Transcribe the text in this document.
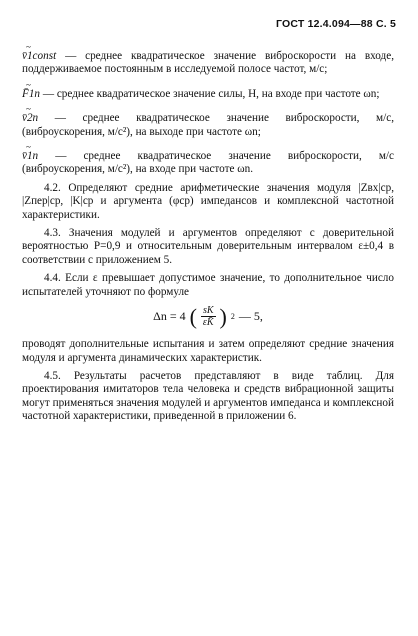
ГОСТ 12.4.094—88 С. 5
~
v̄1const — среднее квадратическое значение виброскорости на входе, поддерживаемое постоянным в исследуемой полосе частот, м/с;
~
F̄1n — среднее квадратическое значение силы, Н, на входе при частоте ωn;
~
v̄2n — среднее квадратическое значение виброскорости, м/с, (виброускорения, м/с²), на выходе при частоте ωn;
~
v̄1n — среднее квадратическое значение виброскорости, м/с (виброускорения, м/с²), на входе при частоте ωn.

4.2. Определяют средние арифметические значения модуля |Zвх|ср, |Zпер|ср, |K|ср и аргумента (φср) импедансов и комплексной частотной характеристики.

4.3. Значения модулей и аргументов определяют с доверительной вероятностью P=0,9 и относительным доверительным интервалом ε±0,4 в соответствии с приложением 5.

4.4. Если ε превышает допустимое значение, то дополнительное число испытателей уточняют по формуле

Δn = 4 ( $\frac{sK}{\varepsilon K̄}$ ) 2 — 5,

проводят дополнительные испытания и затем определяют средние значения модуля и аргумента динамических характеристик.

4.5. Результаты расчетов представляют в виде таблиц. Для проектирования имитаторов тела человека и средств вибрационной защиты могут применяться значения модулей и аргументов импеданса и комплексной частотной характеристики, приведенной в приложении 6.
